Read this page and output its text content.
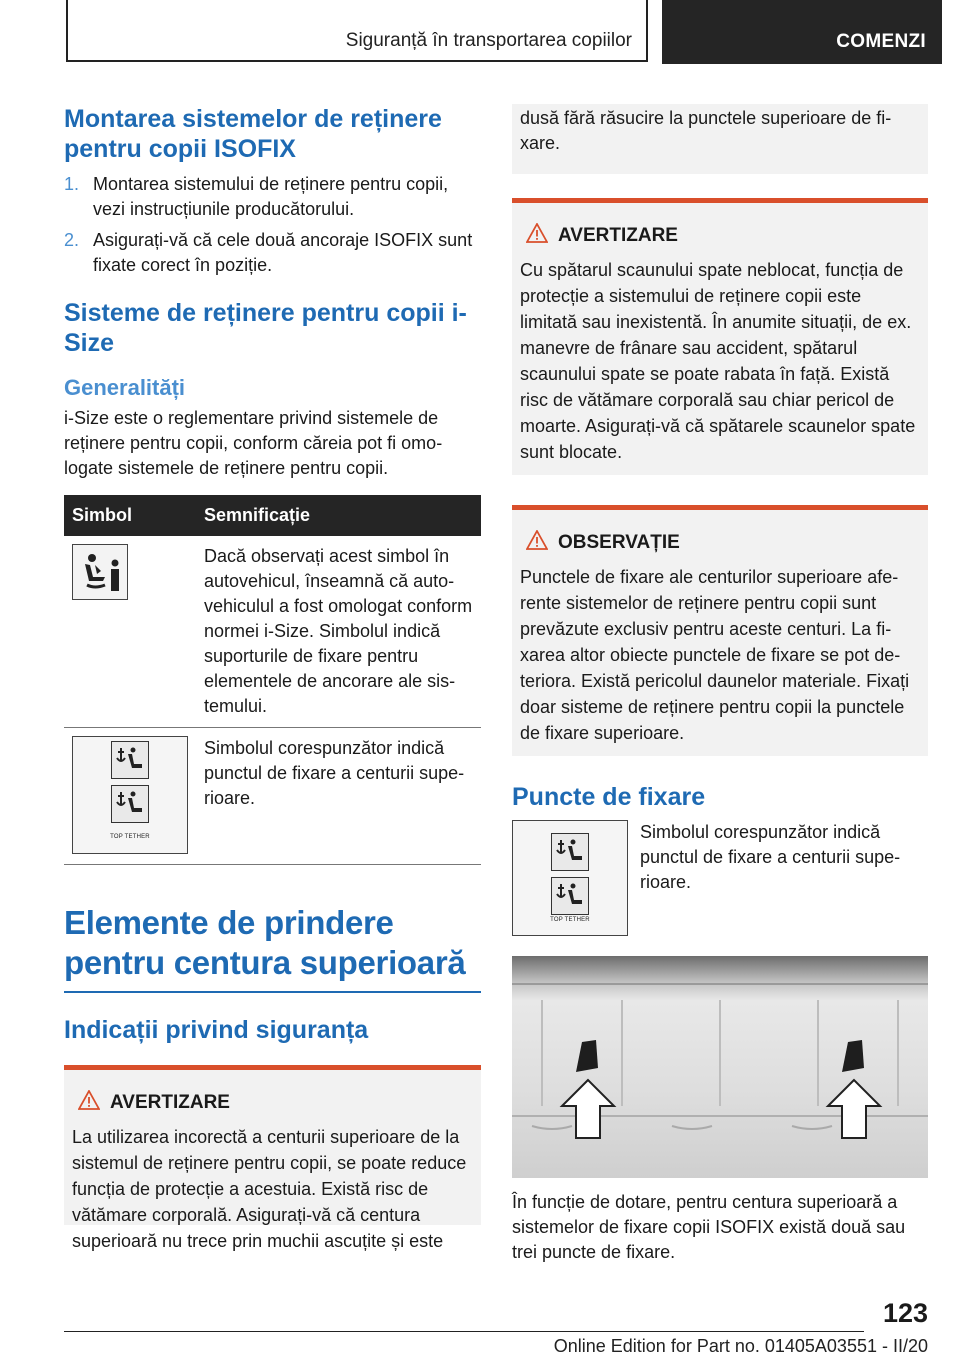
Siguranță în transportarea copiilor	COMENZI
Montarea sistemelor de reținere pentru copii ISOFIX
1. Montarea sistemului de reținere pentru copii, vezi instrucțiunile producătorului.
2. Asigurați-vă că cele două ancoraje ISOFIX sunt fixate corect în poziție.
Sisteme de reținere pentru copii i-Size
Generalități

i-Size este o reglementare privind sistemele de reținere pentru copii, conform căreia pot fi omologate sistemele de reținere pentru copii.

Simbol	Semnificație

	Dacă observați acest simbol în autovehicul, înseamnă că autovehiculul a fost omologat conform normei i-Size. Simbolul indică suporturile de fixare pentru elementele de ancorare ale sistemului.

TOP TETHER	Simbolul corespunzător indică punctul de fixare a centurii superioare.
Elemente de prindere pentru centura superioară
Indicații privind siguranța
AVERTIZARE

La utilizarea incorectă a centurii superioare de la sistemul de reținere pentru copii, se poate reduce funcția de protecție a acestuia. Există risc de vătămare corporală. Asigurați-vă că centura superioară nu trece prin muchii ascuțite și este

dusă fără răsucire la punctele superioare de fixare.

AVERTIZARE

Cu spătarul scaunului spate neblocat, funcția de protecție a sistemului de reținere copii este limitată sau inexistentă. În anumite situații, de ex. manevre de frânare sau accident, spătarul scaunului spate se poate rabata în față. Există risc de vătămare corporală sau chiar pericol de moarte. Asigurați-vă că spătarele scaunelor spate sunt blocate.

OBSERVAȚIE

Punctele de fixare ale centurilor superioare aferente sistemelor de reținere pentru copii sunt prevăzute exclusiv pentru aceste centuri. La fixarea altor obiecte punctele de fixare se pot deteriora. Există pericolul daunelor materiale. Fixați doar sisteme de reținere pentru copii la punctele de fixare superioare.

Puncte de fixare
TOP TETHER

Simbolul corespunzător indică punctul de fixare a centurii superioare.

În funcție de dotare, pentru centura superioară a sistemelor de fixare copii ISOFIX există două sau trei puncte de fixare.

123
Online Edition for Part no. 01405A03551 - II/20
